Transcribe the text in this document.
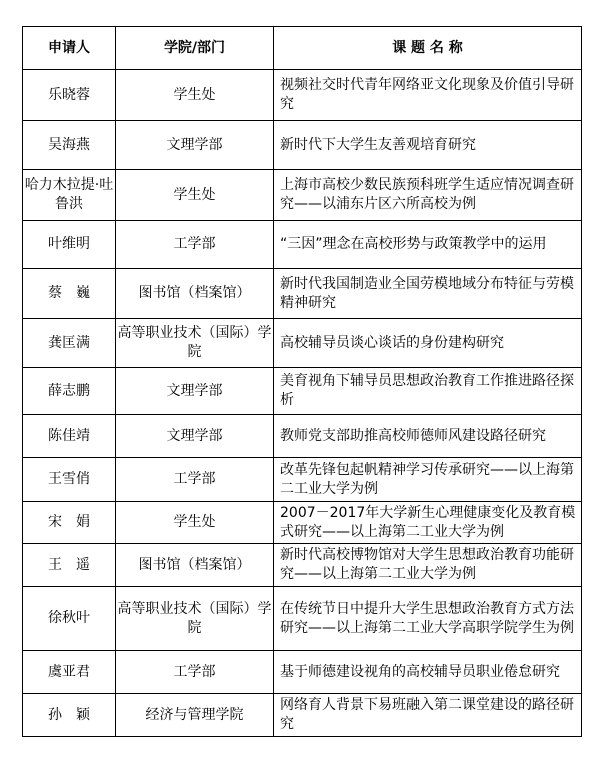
申请人	学院/部门	课 题 名 称
乐晓蓉	学生处	视频社交时代青年网络亚文化现象及价值引导研究
吴海燕	文理学部	新时代下大学生友善观培育研究
哈力木拉提·吐鲁洪	学生处	上海市高校少数民族预科班学生适应情况调查研究——以浦东片区六所高校为例
叶维明	工学部	“三因”理念在高校形势与政策教学中的运用
蔡　巍	图书馆（档案馆）	新时代我国制造业全国劳模地域分布特征与劳模精神研究
龚匡满	高等职业技术（国际）学院	高校辅导员谈心谈话的身份建构研究
薛志鹏	文理学部	美育视角下辅导员思想政治教育工作推进路径探析
陈佳靖	文理学部	教师党支部助推高校师德师风建设路径研究
王雪俏	工学部	改革先锋包起帆精神学习传承研究——以上海第二工业大学为例
宋　娟	学生处	2007－2017年大学新生心理健康变化及教育模式研究——以上海第二工业大学为例
王　遥	图书馆（档案馆）	新时代高校博物馆对大学生思想政治教育功能研究——以上海第二工业大学为例
徐秋叶	高等职业技术（国际）学院	在传统节日中提升大学生思想政治教育方式方法研究——以上海第二工业大学高职学院学生为例
虞亚君	工学部	基于师德建设视角的高校辅导员职业倦怠研究
孙　颖	经济与管理学院	网络育人背景下易班融入第二课堂建设的路径研究
